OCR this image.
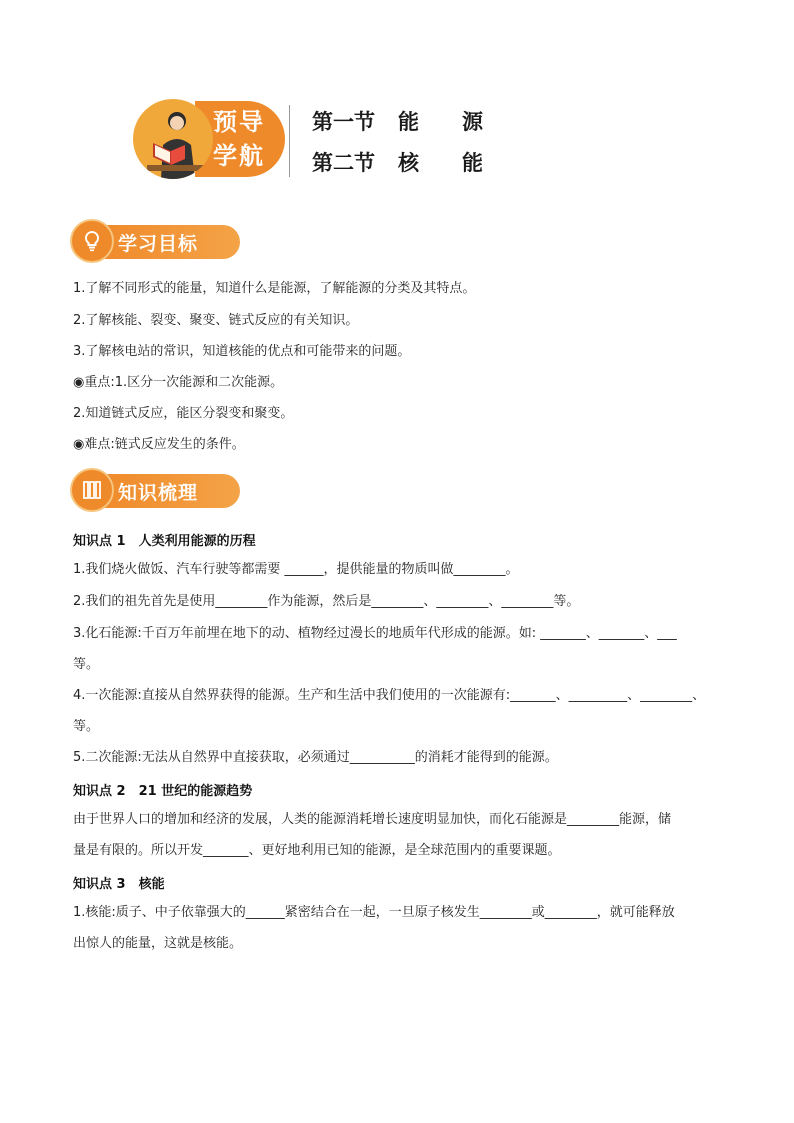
预导
学航
第一节 能 源
第二节 核 能
学习目标
1.了解不同形式的能量，知道什么是能源，了解能源的分类及其特点。
2.了解核能、裂变、聚变、链式反应的有关知识。
3.了解核电站的常识，知道核能的优点和可能带来的问题。
◉重点:1.区分一次能源和二次能源。
2.知道链式反应，能区分裂变和聚变。
◉难点:链式反应发生的条件。
知识梳理
知识点 1　人类利用能源的历程
1.我们烧火做饭、汽车行驶等都需要 ______，提供能量的物质叫做________。
2.我们的祖先首先是使用________作为能源，然后是________、________、________等。
3.化石能源:千百万年前埋在地下的动、植物经过漫长的地质年代形成的能源。如: _______、_______、___
等。
4.一次能源:直接从自然界获得的能源。生产和生活中我们使用的一次能源有:_______、_________、________、
等。
5.二次能源:无法从自然界中直接获取，必须通过__________的消耗才能得到的能源。
知识点 2　21 世纪的能源趋势
由于世界人口的增加和经济的发展，人类的能源消耗增长速度明显加快，而化石能源是________能源，储
量是有限的。所以开发_______、更好地利用已知的能源，是全球范围内的重要课题。
知识点 3　核能
1.核能:质子、中子依靠强大的______紧密结合在一起，一旦原子核发生________或________，就可能释放
出惊人的能量，这就是核能。
